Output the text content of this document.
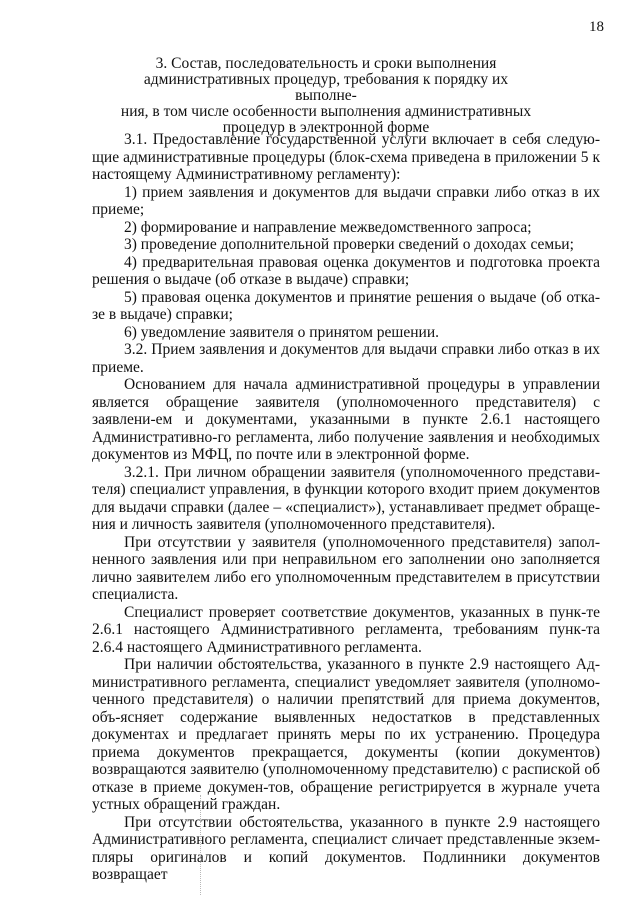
18
3. Состав, последовательность и сроки выполнения
административных процедур, требования к порядку их выполне-
ния, в том числе особенности выполнения административных
процедур в электронной форме

3.1. Предоставление государственной услуги включает в себя следую-щие административные процедуры (блок-схема приведена в приложении 5 к настоящему Административному регламенту):

1) прием заявления и документов для выдачи справки либо отказ в их приеме;

2) формирование и направление межведомственного запроса;

3) проведение дополнительной проверки сведений о доходах семьи;

4) предварительная правовая оценка документов и подготовка проекта решения о выдаче (об отказе в выдаче) справки;

5) правовая оценка документов и принятие решения о выдаче (об отка-зе в выдаче) справки;

6) уведомление заявителя о принятом решении.

3.2. Прием заявления и документов для выдачи справки либо отказ в их приеме.

Основанием для начала административной процедуры в управлении является обращение заявителя (уполномоченного представителя) с заявлени-ем и документами, указанными в пункте 2.6.1 настоящего Административно-го регламента, либо получение заявления и необходимых документов из МФЦ, по почте или в электронной форме.

3.2.1. При личном обращении заявителя (уполномоченного представи-теля) специалист управления, в функции которого входит прием документов для выдачи справки (далее – «специалист»), устанавливает предмет обраще-ния и личность заявителя (уполномоченного представителя).

При отсутствии у заявителя (уполномоченного представителя) запол-ненного заявления или при неправильном его заполнении оно заполняется лично заявителем либо его уполномоченным представителем в присутствии специалиста.

Специалист проверяет соответствие документов, указанных в пунк-те 2.6.1 настоящего Административного регламента, требованиям пунк-та 2.6.4 настоящего Административного регламента.

При наличии обстоятельства, указанного в пункте 2.9 настоящего Ад-министративного регламента, специалист уведомляет заявителя (уполномо-ченного представителя) о наличии препятствий для приема документов, объ-ясняет содержание выявленных недостатков в представленных документах и предлагает принять меры по их устранению. Процедура приема документов прекращается, документы (копии документов) возвращаются заявителю (уполномоченному представителю) с распиской об отказе в приеме докумен-тов, обращение регистрируется в журнале учета устных обращений граждан.

При отсутствии обстоятельства, указанного в пункте 2.9 настоящего Административного регламента, специалист сличает представленные экзем-пляры оригиналов и копий документов. Подлинники документов возвращает
